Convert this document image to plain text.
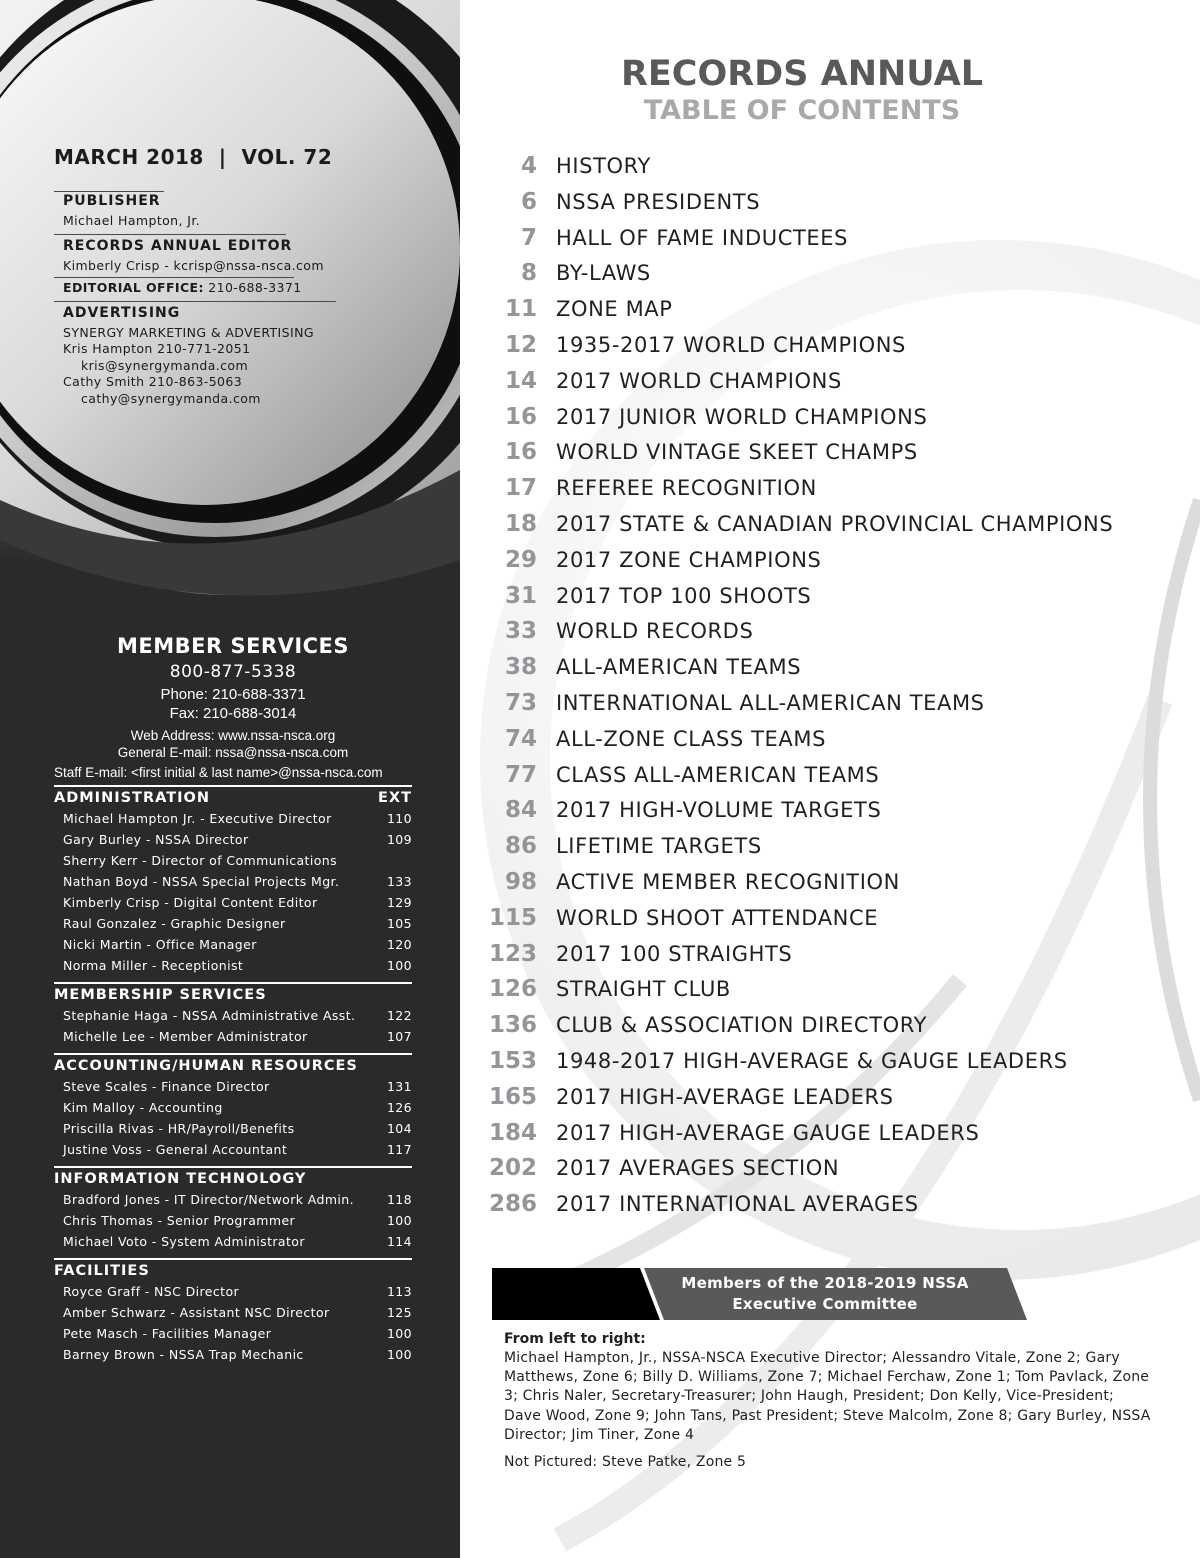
MARCH 2018  |  VOL. 72
PUBLISHER
Michael Hampton, Jr.
RECORDS ANNUAL EDITOR
Kimberly Crisp - kcrisp@nssa-nsca.com
EDITORIAL OFFICE: 210-688-3371
ADVERTISING
SYNERGY MARKETING & ADVERTISING
Kris Hampton 210-771-2051
kris@synergymanda.com
Cathy Smith 210-863-5063
cathy@synergymanda.com
MEMBER SERVICES
800-877-5338
Phone: 210-688-3371
Fax: 210-688-3014
Web Address: www.nssa-nsca.org
General E-mail: nssa@nssa-nsca.com
Staff E-mail: <first initial & last name>@nssa-nsca.com
ADMINISTRATION	EXT
Michael Hampton Jr. - Executive Director	110
Gary Burley - NSSA Director	109
Sherry Kerr - Director of Communications
Nathan Boyd - NSSA Special Projects Mgr.	133
Kimberly Crisp - Digital Content Editor	129
Raul Gonzalez - Graphic Designer	105
Nicki Martin - Office Manager	120
Norma Miller - Receptionist	100
MEMBERSHIP SERVICES
Stephanie Haga - NSSA Administrative Asst.	122
Michelle Lee - Member Administrator	107
ACCOUNTING/HUMAN RESOURCES
Steve Scales - Finance Director	131
Kim Malloy - Accounting	126
Priscilla Rivas - HR/Payroll/Benefits	104
Justine Voss - General Accountant	117
INFORMATION TECHNOLOGY
Bradford Jones - IT Director/Network Admin.	118
Chris Thomas - Senior Programmer	100
Michael Voto - System Administrator	114
FACILITIES
Royce Graff - NSC Director	113
Amber Schwarz - Assistant NSC Director	125
Pete Masch - Facilities Manager	100
Barney Brown - NSSA Trap Mechanic	100
RECORDS ANNUAL
TABLE OF CONTENTS
4 HISTORY
6 NSSA PRESIDENTS
7 HALL OF FAME INDUCTEES
8 BY-LAWS
11 ZONE MAP
12 1935-2017 WORLD CHAMPIONS
14 2017 WORLD CHAMPIONS
16 2017 JUNIOR WORLD CHAMPIONS
16 WORLD VINTAGE SKEET CHAMPS
17 REFEREE RECOGNITION
18 2017 STATE & CANADIAN PROVINCIAL CHAMPIONS
29 2017 ZONE CHAMPIONS
31 2017 TOP 100 SHOOTS
33 WORLD RECORDS
38 ALL-AMERICAN TEAMS
73 INTERNATIONAL ALL-AMERICAN TEAMS
74 ALL-ZONE CLASS TEAMS
77 CLASS ALL-AMERICAN TEAMS
84 2017 HIGH-VOLUME TARGETS
86 LIFETIME TARGETS
98 ACTIVE MEMBER RECOGNITION
115 WORLD SHOOT ATTENDANCE
123 2017 100 STRAIGHTS
126 STRAIGHT CLUB
136 CLUB & ASSOCIATION DIRECTORY
153 1948-2017 HIGH-AVERAGE & GAUGE LEADERS
165 2017 HIGH-AVERAGE LEADERS
184 2017 HIGH-AVERAGE GAUGE LEADERS
202 2017 AVERAGES SECTION
286 2017 INTERNATIONAL AVERAGES
Members of the 2018-2019 NSSA
Executive Committee
From left to right:
Michael Hampton, Jr., NSSA-NSCA Executive Director; Alessandro Vitale, Zone 2; Gary Matthews, Zone 6; Billy D. Williams, Zone 7; Michael Ferchaw, Zone 1; Tom Pavlack, Zone 3; Chris Naler, Secretary-Treasurer; John Haugh, President; Don Kelly, Vice-President; Dave Wood, Zone 9; John Tans, Past President; Steve Malcolm, Zone 8; Gary Burley, NSSA Director; Jim Tiner, Zone 4
Not Pictured: Steve Patke, Zone 5
